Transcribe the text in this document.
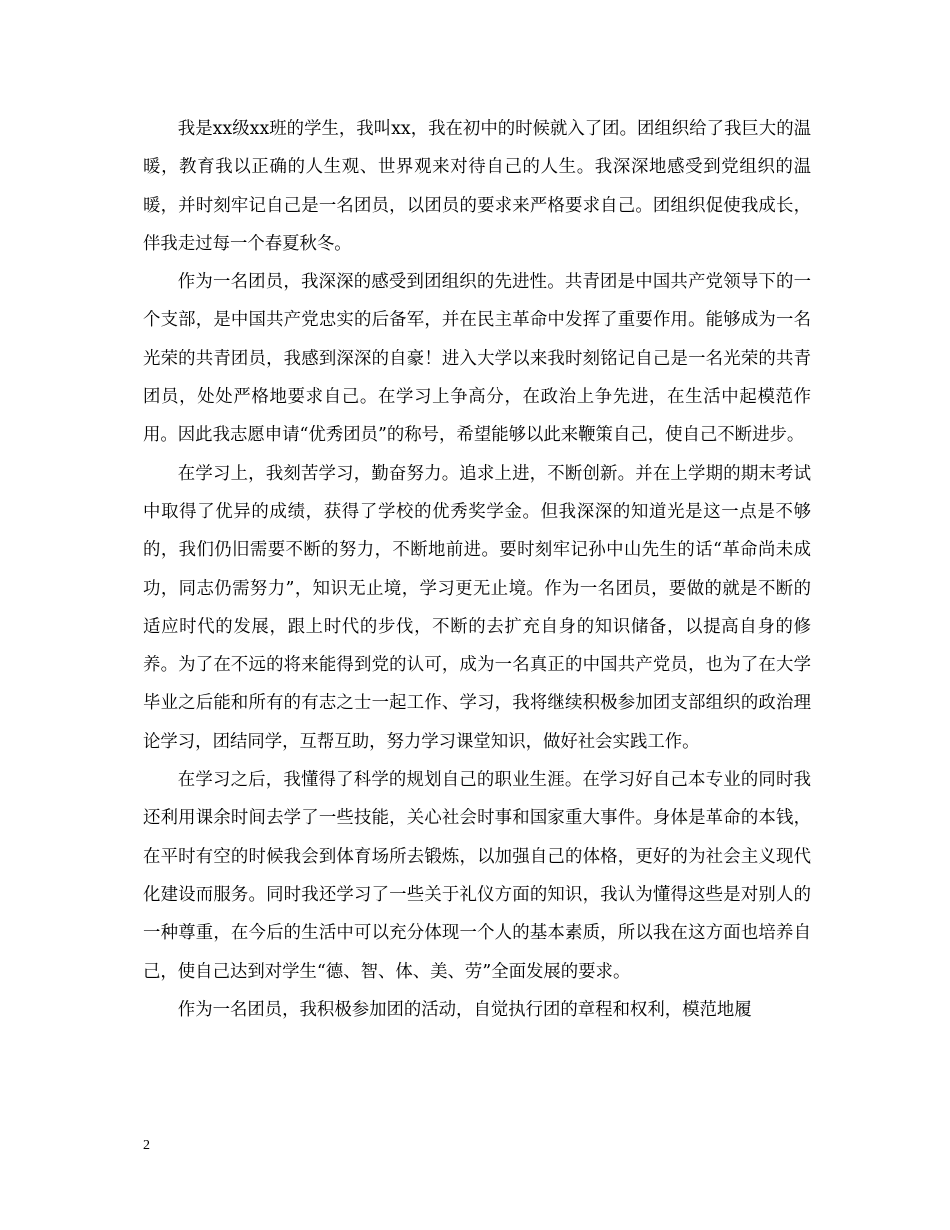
我是xx级xx班的学生，我叫xx，我在初中的时候就入了团。团组织给了我巨大的温暖，教育我以正确的人生观、世界观来对待自己的人生。我深深地感受到党组织的温暖，并时刻牢记自己是一名团员，以团员的要求来严格要求自己。团组织促使我成长，伴我走过每一个春夏秋冬。

作为一名团员，我深深的感受到团组织的先进性。共青团是中国共产党领导下的一个支部，是中国共产党忠实的后备军，并在民主革命中发挥了重要作用。能够成为一名光荣的共青团员，我感到深深的自豪！进入大学以来我时刻铭记自己是一名光荣的共青团员，处处严格地要求自己。在学习上争高分，在政治上争先进，在生活中起模范作用。因此我志愿申请“优秀团员”的称号，希望能够以此来鞭策自己，使自己不断进步。

在学习上，我刻苦学习，勤奋努力。追求上进，不断创新。并在上学期的期末考试中取得了优异的成绩，获得了学校的优秀奖学金。但我深深的知道光是这一点是不够的，我们仍旧需要不断的努力，不断地前进。要时刻牢记孙中山先生的话“革命尚未成功，同志仍需努力”，知识无止境，学习更无止境。作为一名团员，要做的就是不断的适应时代的发展，跟上时代的步伐，不断的去扩充自身的知识储备，以提高自身的修养。为了在不远的将来能得到党的认可，成为一名真正的中国共产党员，也为了在大学毕业之后能和所有的有志之士一起工作、学习，我将继续积极参加团支部组织的政治理论学习，团结同学，互帮互助，努力学习课堂知识，做好社会实践工作。

在学习之后，我懂得了科学的规划自己的职业生涯。在学习好自己本专业的同时我还利用课余时间去学了一些技能，关心社会时事和国家重大事件。身体是革命的本钱，在平时有空的时候我会到体育场所去锻炼，以加强自己的体格，更好的为社会主义现代化建设而服务。同时我还学习了一些关于礼仪方面的知识，我认为懂得这些是对别人的一种尊重，在今后的生活中可以充分体现一个人的基本素质，所以我在这方面也培养自己，使自己达到对学生“德、智、体、美、劳”全面发展的要求。

作为一名团员，我积极参加团的活动，自觉执行团的章程和权利，模范地履

2
